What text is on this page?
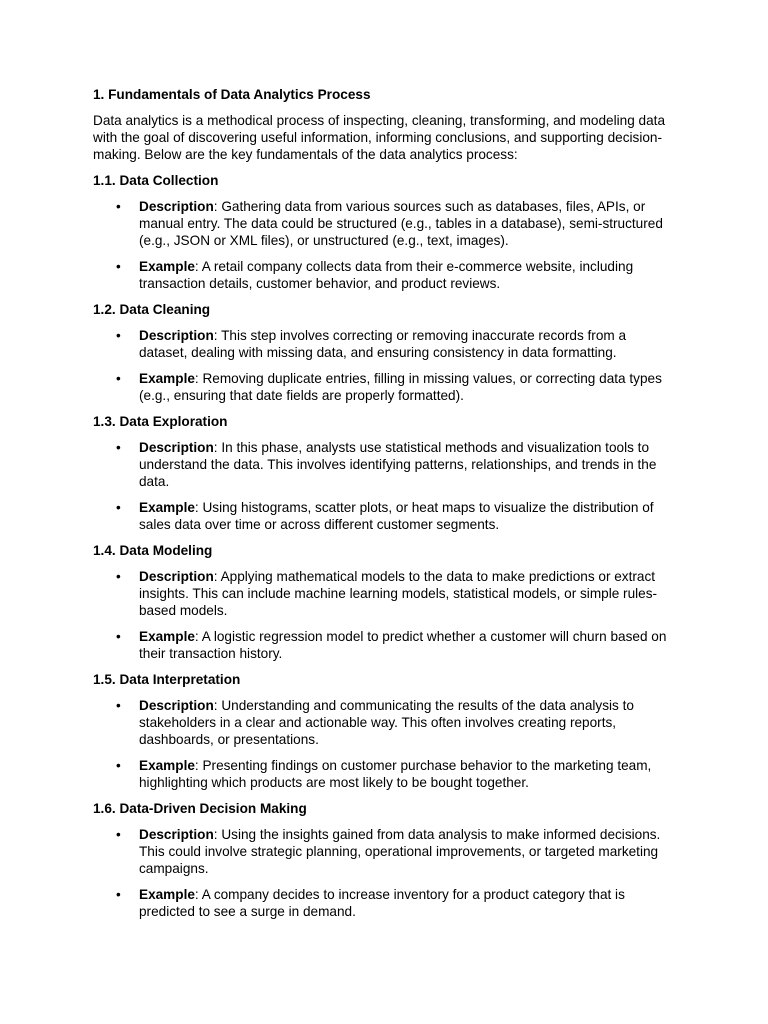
1. Fundamentals of Data Analytics Process
Data analytics is a methodical process of inspecting, cleaning, transforming, and modeling data with the goal of discovering useful information, informing conclusions, and supporting decision-making. Below are the key fundamentals of the data analytics process:
1.1. Data Collection
• Description: Gathering data from various sources such as databases, files, APIs, or manual entry. The data could be structured (e.g., tables in a database), semi-structured (e.g., JSON or XML files), or unstructured (e.g., text, images).
• Example: A retail company collects data from their e-commerce website, including transaction details, customer behavior, and product reviews.
1.2. Data Cleaning
• Description: This step involves correcting or removing inaccurate records from a dataset, dealing with missing data, and ensuring consistency in data formatting.
• Example: Removing duplicate entries, filling in missing values, or correcting data types (e.g., ensuring that date fields are properly formatted).
1.3. Data Exploration
• Description: In this phase, analysts use statistical methods and visualization tools to understand the data. This involves identifying patterns, relationships, and trends in the data.
• Example: Using histograms, scatter plots, or heat maps to visualize the distribution of sales data over time or across different customer segments.
1.4. Data Modeling
• Description: Applying mathematical models to the data to make predictions or extract insights. This can include machine learning models, statistical models, or simple rules-based models.
• Example: A logistic regression model to predict whether a customer will churn based on their transaction history.
1.5. Data Interpretation
• Description: Understanding and communicating the results of the data analysis to stakeholders in a clear and actionable way. This often involves creating reports, dashboards, or presentations.
• Example: Presenting findings on customer purchase behavior to the marketing team, highlighting which products are most likely to be bought together.
1.6. Data-Driven Decision Making
• Description: Using the insights gained from data analysis to make informed decisions. This could involve strategic planning, operational improvements, or targeted marketing campaigns.
• Example: A company decides to increase inventory for a product category that is predicted to see a surge in demand.
